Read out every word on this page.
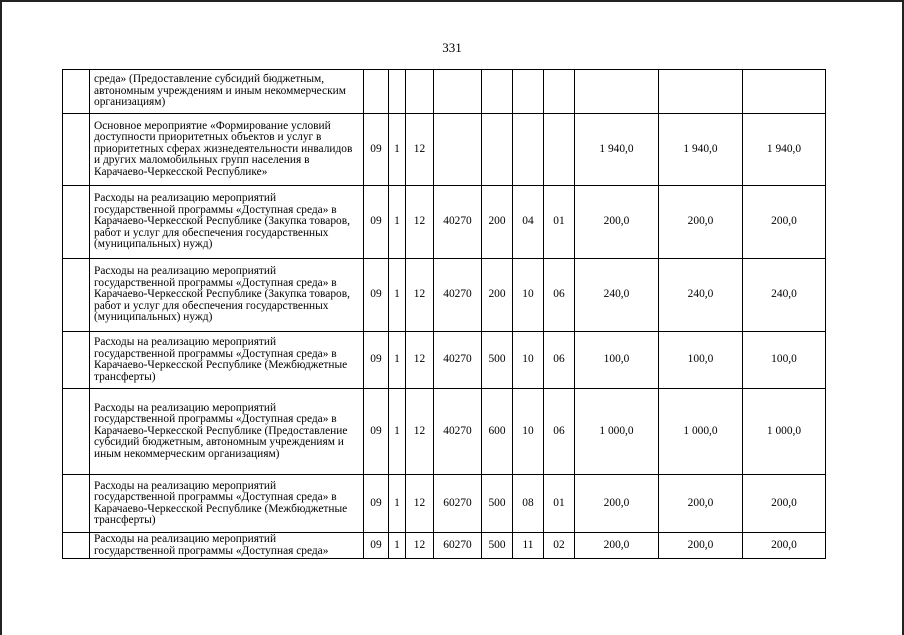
331
	среда» (Предоставление субсидий бюджетным, автономным учреждениям и иным некоммерческим организациям)										
	Основное мероприятие «Формирование условий доступности приоритетных объектов и услуг в приоритетных сферах жизнедеятельности инвалидов и других маломобильных групп населения в Карачаево-Черкесской Республике»	09	1	12					1 940,0	1 940,0	1 940,0
	Расходы на реализацию мероприятий государственной программы «Доступная среда» в Карачаево-Черкесской Республике (Закупка товаров, работ и услуг для обеспечения государственных (муниципальных) нужд)	09	1	12	40270	200	04	01	200,0	200,0	200,0
	Расходы на реализацию мероприятий государственной программы «Доступная среда» в Карачаево-Черкесской Республике (Закупка товаров, работ и услуг для обеспечения государственных (муниципальных) нужд)	09	1	12	40270	200	10	06	240,0	240,0	240,0
	Расходы на реализацию мероприятий государственной программы «Доступная среда» в Карачаево-Черкесской Республике (Межбюджетные трансферты)	09	1	12	40270	500	10	06	100,0	100,0	100,0
	Расходы на реализацию мероприятий государственной программы «Доступная среда» в Карачаево-Черкесской Республике (Предоставление субсидий бюджетным, автономным учреждениям и иным некоммерческим организациям)	09	1	12	40270	600	10	06	1 000,0	1 000,0	1 000,0
	Расходы на реализацию мероприятий государственной программы «Доступная среда» в Карачаево-Черкесской Республике (Межбюджетные трансферты)	09	1	12	60270	500	08	01	200,0	200,0	200,0
	Расходы на реализацию мероприятий государственной программы «Доступная среда»	09	1	12	60270	500	11	02	200,0	200,0	200,0
